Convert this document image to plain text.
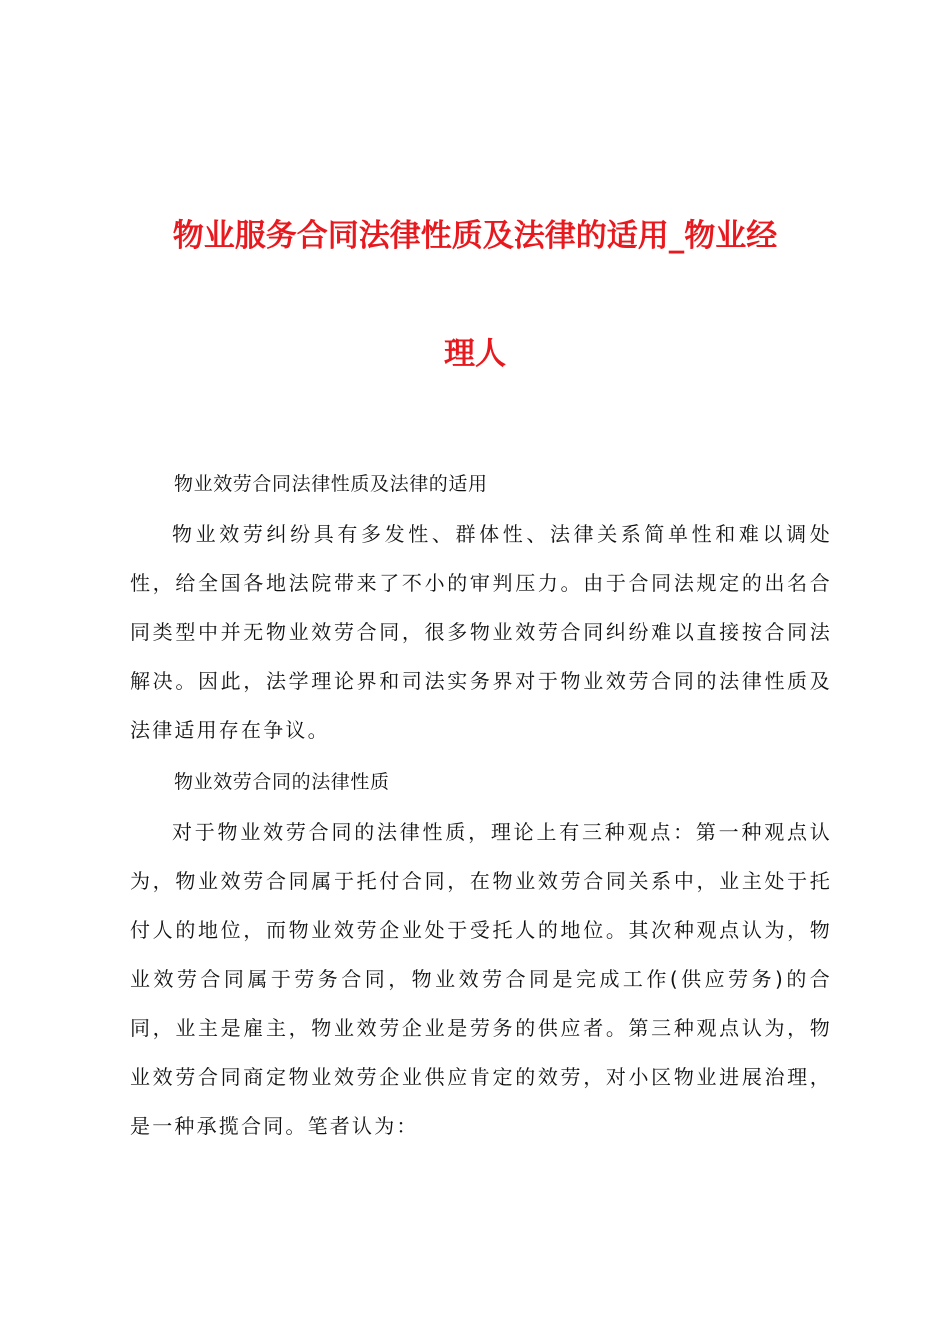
物业服务合同法律性质及法律的适用_物业经
理人

物业效劳合同法律性质及法律的适用

物业效劳纠纷具有多发性、群体性、法律关系简单性和难以调处性，给全国各地法院带来了不小的审判压力。由于合同法规定的出名合同类型中并无物业效劳合同，很多物业效劳合同纠纷难以直接按合同法解决。因此，法学理论界和司法实务界对于物业效劳合同的法律性质及法律适用存在争议。

物业效劳合同的法律性质

对于物业效劳合同的法律性质，理论上有三种观点：第一种观点认为，物业效劳合同属于托付合同，在物业效劳合同关系中，业主处于托付人的地位，而物业效劳企业处于受托人的地位。其次种观点认为，物业效劳合同属于劳务合同，物业效劳合同是完成工作(供应劳务)的合同，业主是雇主，物业效劳企业是劳务的供应者。第三种观点认为，物业效劳合同商定物业效劳企业供应肯定的效劳，对小区物业进展治理，是一种承揽合同。笔者认为：
